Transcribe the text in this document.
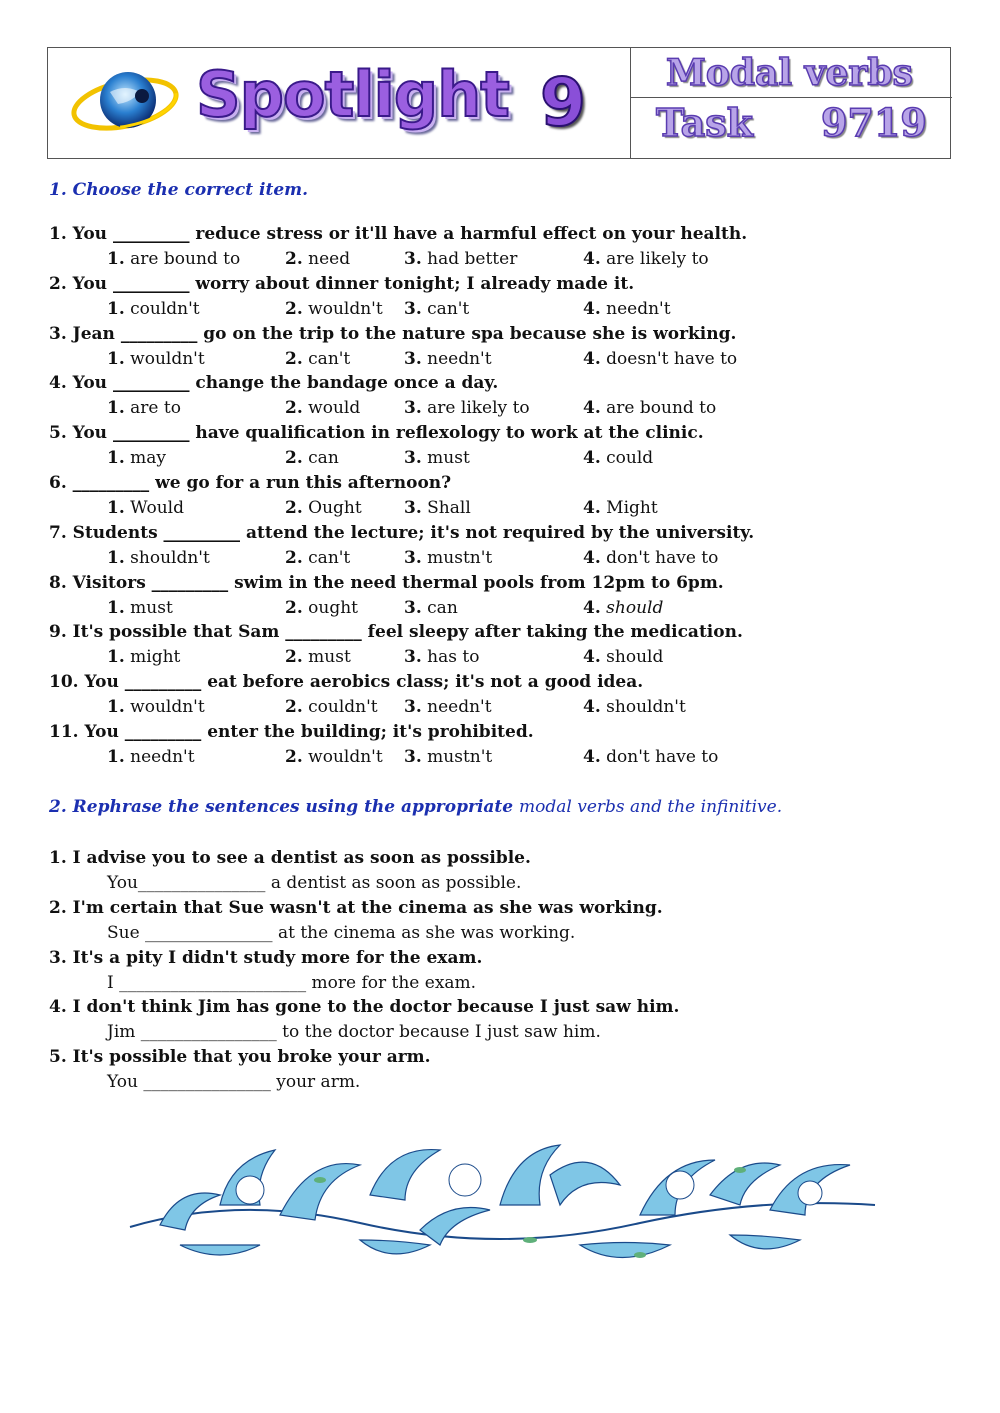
Spotlight 9 Modal verbs
Task 9719
1. Choose the correct item.
1. You _________ reduce stress or it'll have a harmful effect on your health.
1. are bound to	2. need	3. had better	4. are likely to
2. You _________ worry about dinner tonight; I already made it.
1. couldn't	2. wouldn't 3. can't	4. needn't
3. Jean _________ go on the trip to the nature spa because she is working.
1. wouldn't	2. can't	3. needn't	4. doesn't have to
4. You _________ change the bandage once a day.
1. are to	2. would	3. are likely to	4. are bound to
5. You _________ have qualification in reflexology to work at the clinic.
1. may	2. can	3. must	4. could
6. _________ we go for a run this afternoon?
1. Would	2. Ought 3. Shall	4. Might
7. Students _________ attend the lecture; it's not required by the university.
1. shouldn't	2. can't	3. mustn't	4. don't have to
8. Visitors _________ swim in the need thermal pools from 12pm to 6pm.
1. must	2. ought	3. can	4. should
9. It's possible that Sam _________ feel sleepy after taking the medication.
1. might	2. must	3. has to	4. should
10. You _________ eat before aerobics class; it's not a good idea.
1. wouldn't	2. couldn't 3. needn't	4. shouldn't
11. You _________ enter the building; it's prohibited.
1. needn't	2. wouldn't 3. mustn't	4. don't have to
2. Rephrase the sentences using the appropriate modal verbs and the infinitive.
1. I advise you to see a dentist as soon as possible.
You_______________ a dentist as soon as possible.
2. I'm certain that Sue wasn't at the cinema as she was working.
Sue _______________ at the cinema as she was working.
3. It's a pity I didn't study more for the exam.
I ______________________ more for the exam.
4. I don't think Jim has gone to the doctor because I just saw him.
Jim ________________ to the doctor because I just saw him.
5. It's possible that you broke your arm.
You _______________ your arm.
